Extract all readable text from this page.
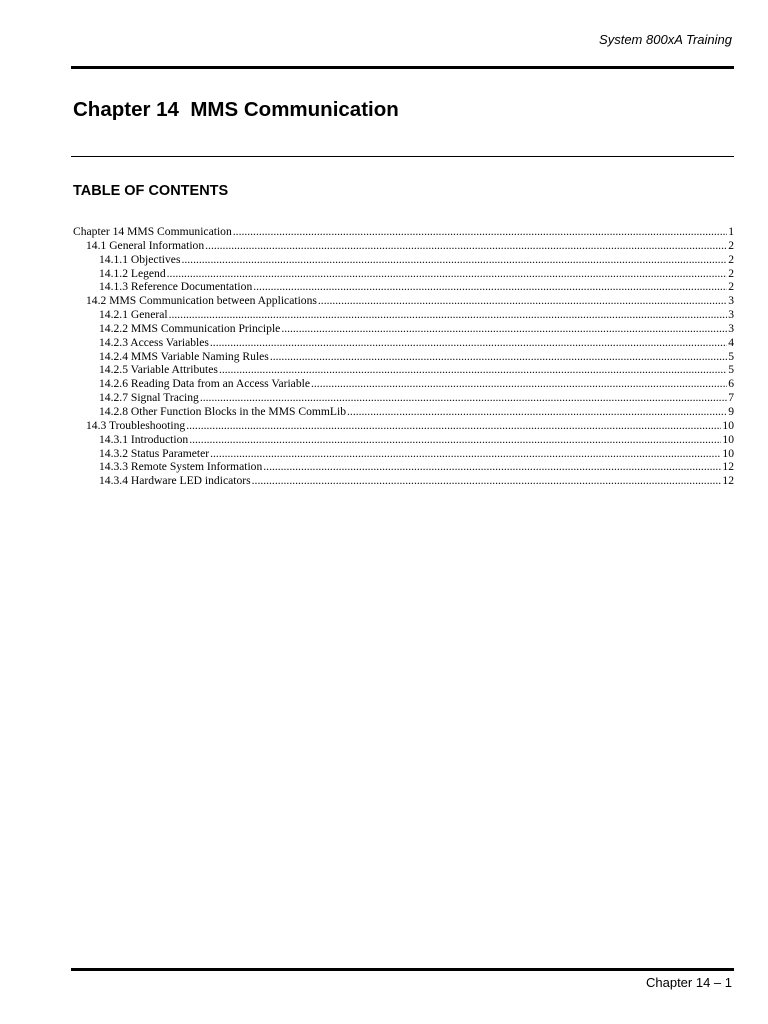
System 800xA Training
Chapter 14  MMS Communication
TABLE OF CONTENTS
Chapter 14 MMS Communication .....	1
14.1 General Information .....	2
14.1.1 Objectives .....	2
14.1.2 Legend .....	2
14.1.3 Reference Documentation .....	2
14.2 MMS Communication between Applications .....	3
14.2.1 General .....	3
14.2.2 MMS Communication Principle .....	3
14.2.3 Access Variables .....	4
14.2.4 MMS Variable Naming Rules .....	5
14.2.5 Variable Attributes .....	5
14.2.6 Reading Data from an Access Variable .....	6
14.2.7 Signal Tracing .....	7
14.2.8 Other Function Blocks in the MMS CommLib .....	9
14.3 Troubleshooting .....	10
14.3.1 Introduction .....	10
14.3.2 Status Parameter .....	10
14.3.3 Remote System Information .....	12
14.3.4 Hardware LED indicators .....	12
Chapter 14 – 1
